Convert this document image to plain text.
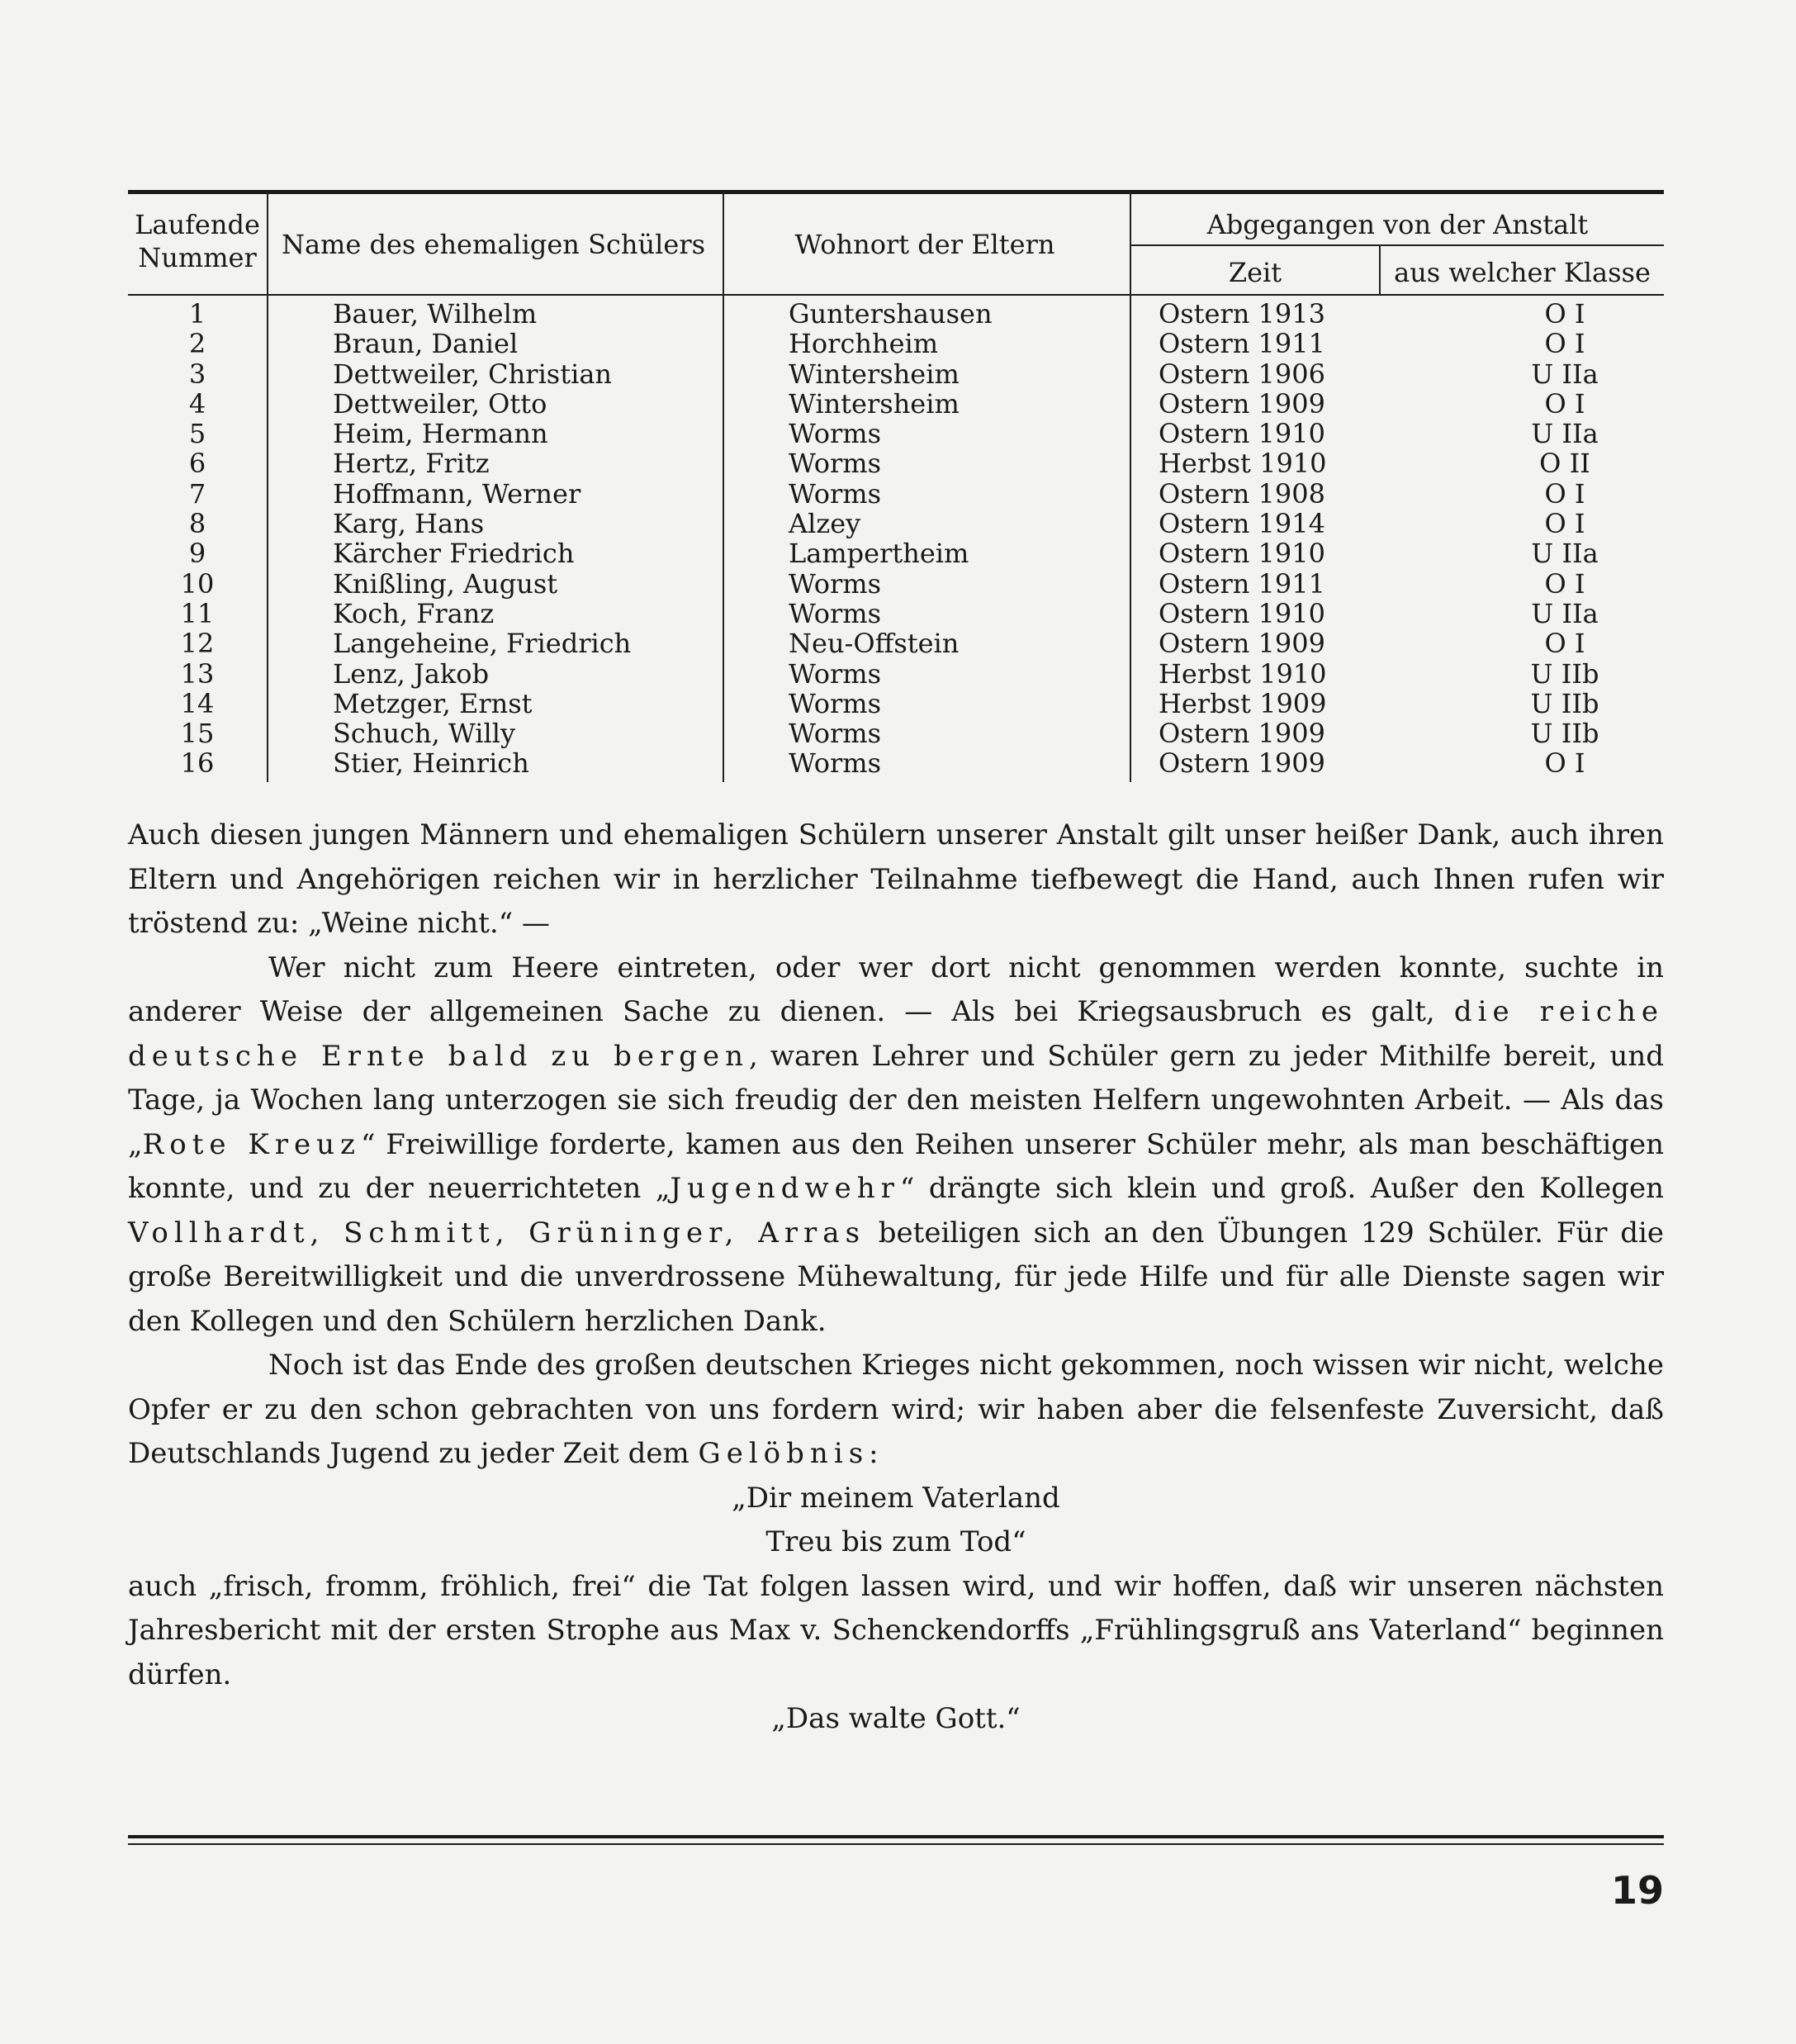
Laufende
Nummer Name des ehemaligen Schülers	Wohnort der Eltern
Abgegangen von der Anstalt
Zeit	aus welcher Klasse
1	Bauer, Wilhelm	Guntershausen	Ostern 1913	O I
2	Braun, Daniel	Horchheim	Ostern 1911	O I
3	Dettweiler, Christian	Wintersheim	Ostern 1906	U IIa
4	Dettweiler, Otto	Wintersheim	Ostern 1909	O I
5	Heim, Hermann	Worms	Ostern 1910	U IIa
6	Hertz, Fritz	Worms	Herbst 1910	O II
7	Hoffmann, Werner	Worms	Ostern 1908	O I
8	Karg, Hans	Alzey	Ostern 1914	O I
9	Kärcher Friedrich	Lampertheim	Ostern 1910	U IIa
10	Knißling, August	Worms	Ostern 1911	O I
11	Koch, Franz	Worms	Ostern 1910	U IIa
12	Langeheine, Friedrich	Neu-Offstein	Ostern 1909	O I
13	Lenz, Jakob	Worms	Herbst 1910	U IIb
14	Metzger, Ernst	Worms	Herbst 1909	U IIb
15	Schuch, Willy	Worms	Ostern 1909	U IIb
16	Stier, Heinrich	Worms	Ostern 1909	O I

Auch diesen jungen Männern und ehemaligen Schülern unserer Anstalt gilt unser heißer Dank, auch ihren Eltern und Angehörigen reichen wir in herzlicher Teilnahme tiefbewegt die Hand, auch Ihnen rufen wir tröstend zu: „Weine nicht.“ —

Wer nicht zum Heere eintreten, oder wer dort nicht genommen werden konnte, suchte in anderer Weise der allgemeinen Sache zu dienen. — Als bei Kriegsausbruch es galt, die reiche deutsche Ernte bald zu bergen, waren Lehrer und Schüler gern zu jeder Mithilfe bereit, und Tage, ja Wochen lang unterzogen sie sich freudig der den meisten Helfern ungewohnten Arbeit. — Als das „Rote Kreuz“ Freiwillige forderte, kamen aus den Reihen unserer Schüler mehr, als man beschäftigen konnte, und zu der neuerrichteten „Jugendwehr“ drängte sich klein und groß. Außer den Kollegen Vollhardt, Schmitt, Grüninger, Arras beteiligen sich an den Übungen 129 Schüler. Für die große Bereitwilligkeit und die unverdrossene Mühewaltung, für jede Hilfe und für alle Dienste sagen wir den Kollegen und den Schülern herzlichen Dank.

Noch ist das Ende des großen deutschen Krieges nicht gekommen, noch wissen wir nicht, welche Opfer er zu den schon gebrachten von uns fordern wird; wir haben aber die felsenfeste Zuversicht, daß Deutschlands Jugend zu jeder Zeit dem Gelöbnis:

„Dir meinem Vaterland

Treu bis zum Tod“

auch „frisch, fromm, fröhlich, frei“ die Tat folgen lassen wird, und wir hoffen, daß wir unseren nächsten Jahresbericht mit der ersten Strophe aus Max v. Schenckendorffs „Frühlingsgruß ans Vaterland“ beginnen dürfen.

„Das walte Gott.“

19
